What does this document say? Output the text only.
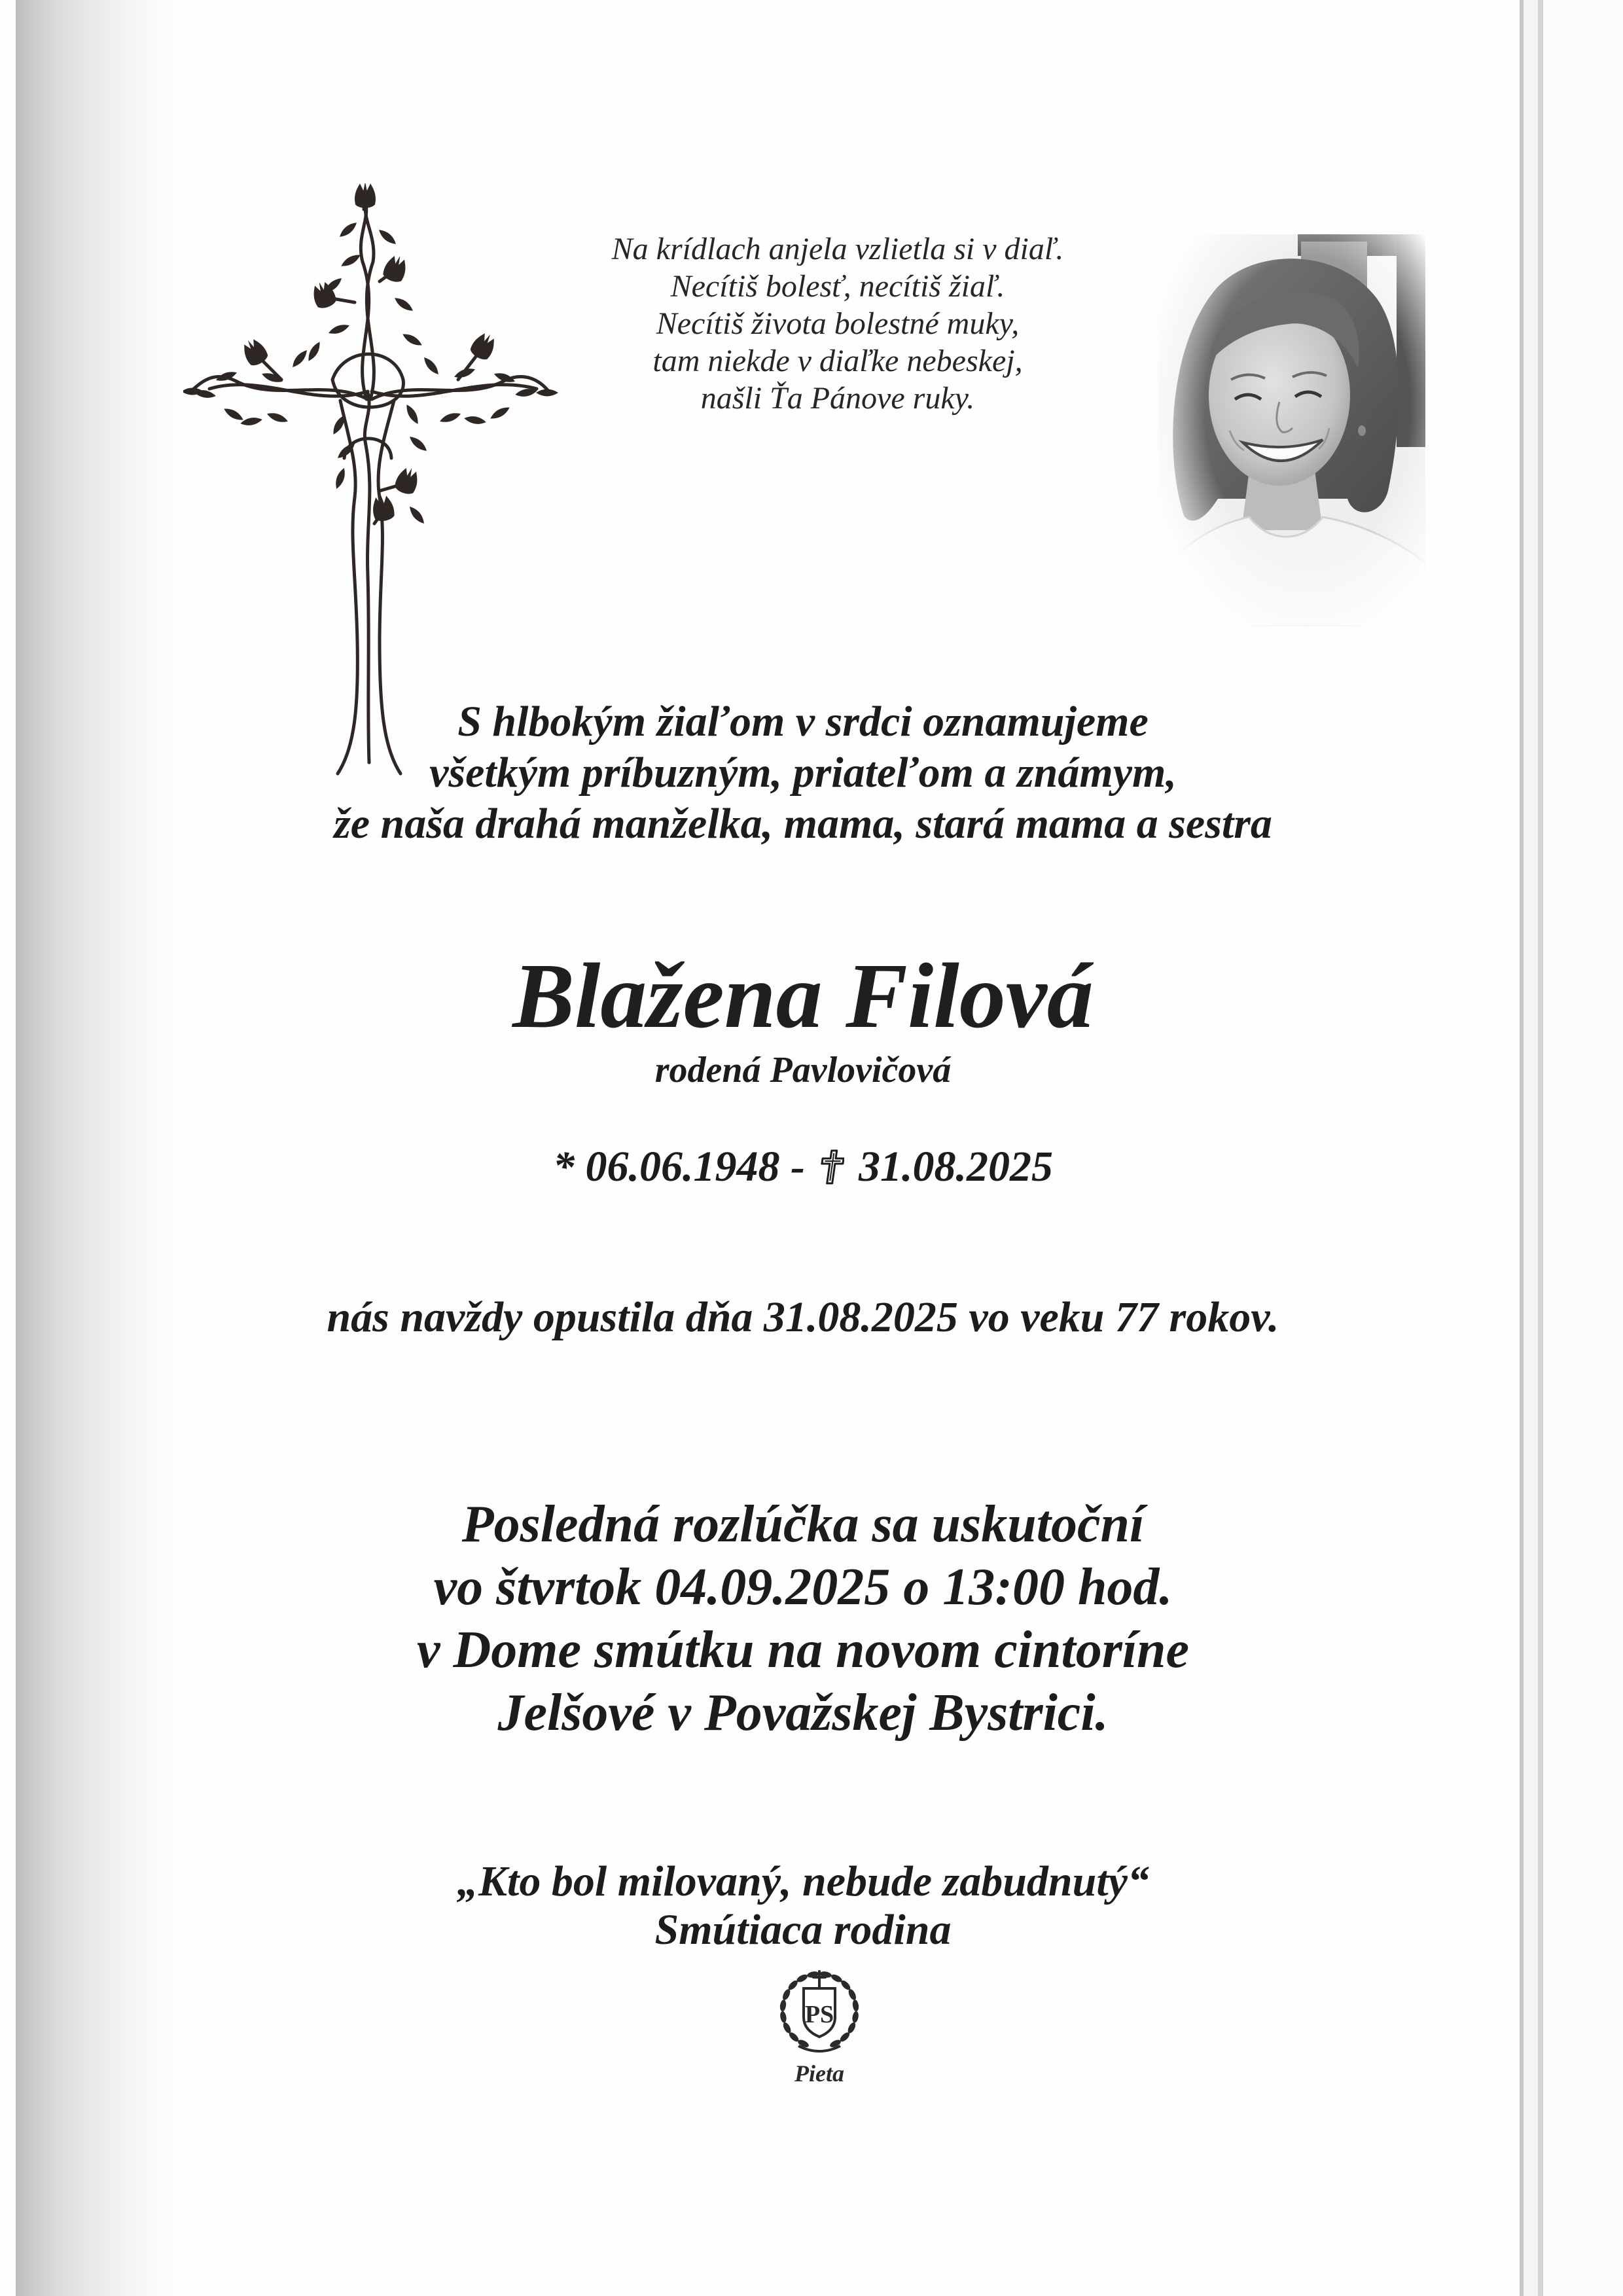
Na krídlach anjela vzlietla si v diaľ.
Necítiš bolesť, necítiš žiaľ.
Necítiš života bolestné muky,
tam niekde v diaľke nebeskej,
našli Ťa Pánove ruky.
S hlbokým žiaľom v srdci oznamujeme
všetkým príbuzným, priateľom a známym,
že naša drahá manželka, mama, stará mama a sestra
Blažena Filová
rodená Pavlovičová
* 06.06.1948 - 31.08.2025
nás navždy opustila dňa 31.08.2025 vo veku 77 rokov.
Posledná rozlúčka sa uskutoční
vo štvrtok 04.09.2025 o 13:00 hod.
v Dome smútku na novom cintoríne
Jelšové v Považskej Bystrici.
„Kto bol milovaný, nebude zabudnutý“
Smútiaca rodina
PS
Pieta
